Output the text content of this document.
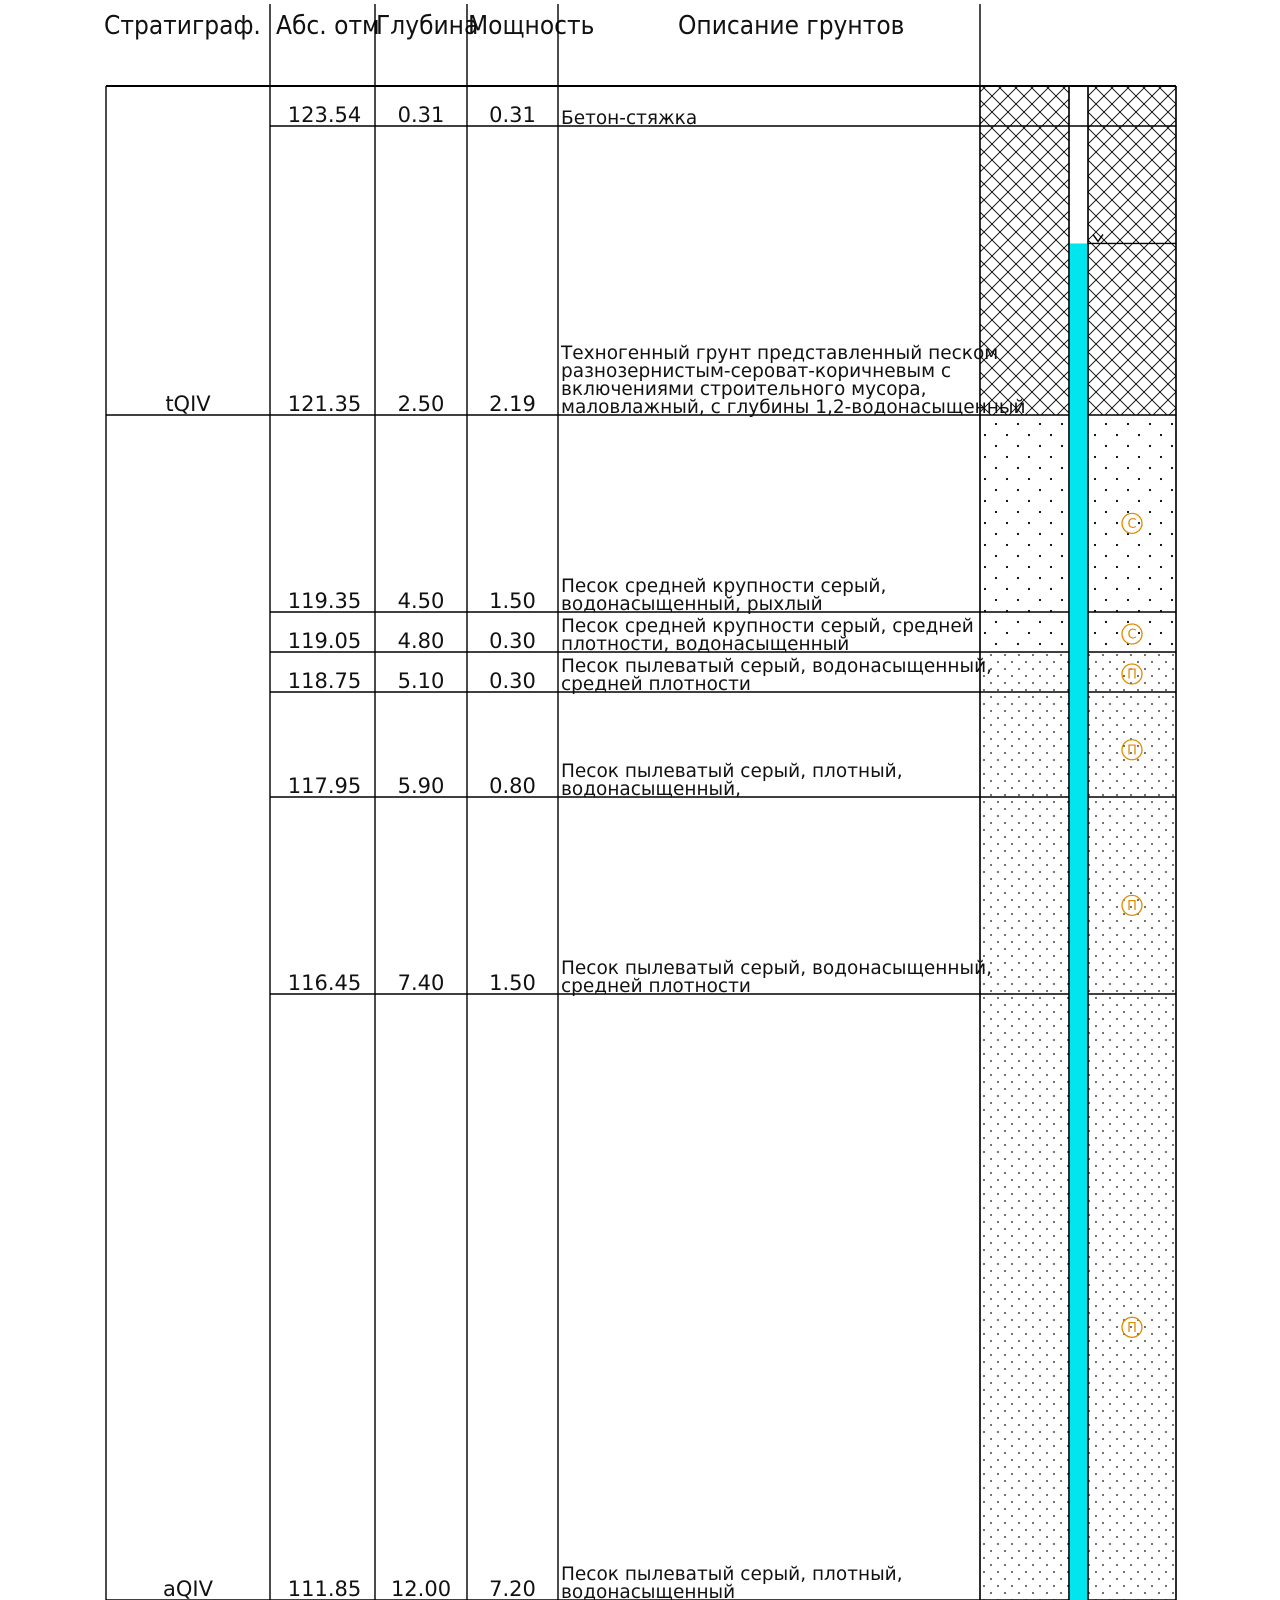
Стратиграф. Абс. отм
Глубина
Мощность	Описание грунтов
С
С
П
П
П
П
123.54 0.31 0.31 Бетон-стяжка
121.35 2.50 2.19
Техногенный грунт представленный песком
разнозернистым-сероват-коричневым с
включениями строительного мусора,
маловлажный, с глубины 1,2-водонасыщенный
119.35 4.50 1.50
Песок средней крупности серый,
водонасыщенный, рыхлый
119.05 4.80 0.30
Песок средней крупности серый, средней
плотности, водонасыщенный
118.75 5.10 0.30
Песок пылеватый серый, водонасыщенный,
средней плотности
117.95 5.90 0.80
Песок пылеватый серый, плотный,
водонасыщенный,
116.45 7.40 1.50
Песок пылеватый серый, водонасыщенный,
средней плотности
111.85 12.00 7.20
Песок пылеватый серый, плотный,
водонасыщенный
tQIV
aQIV
